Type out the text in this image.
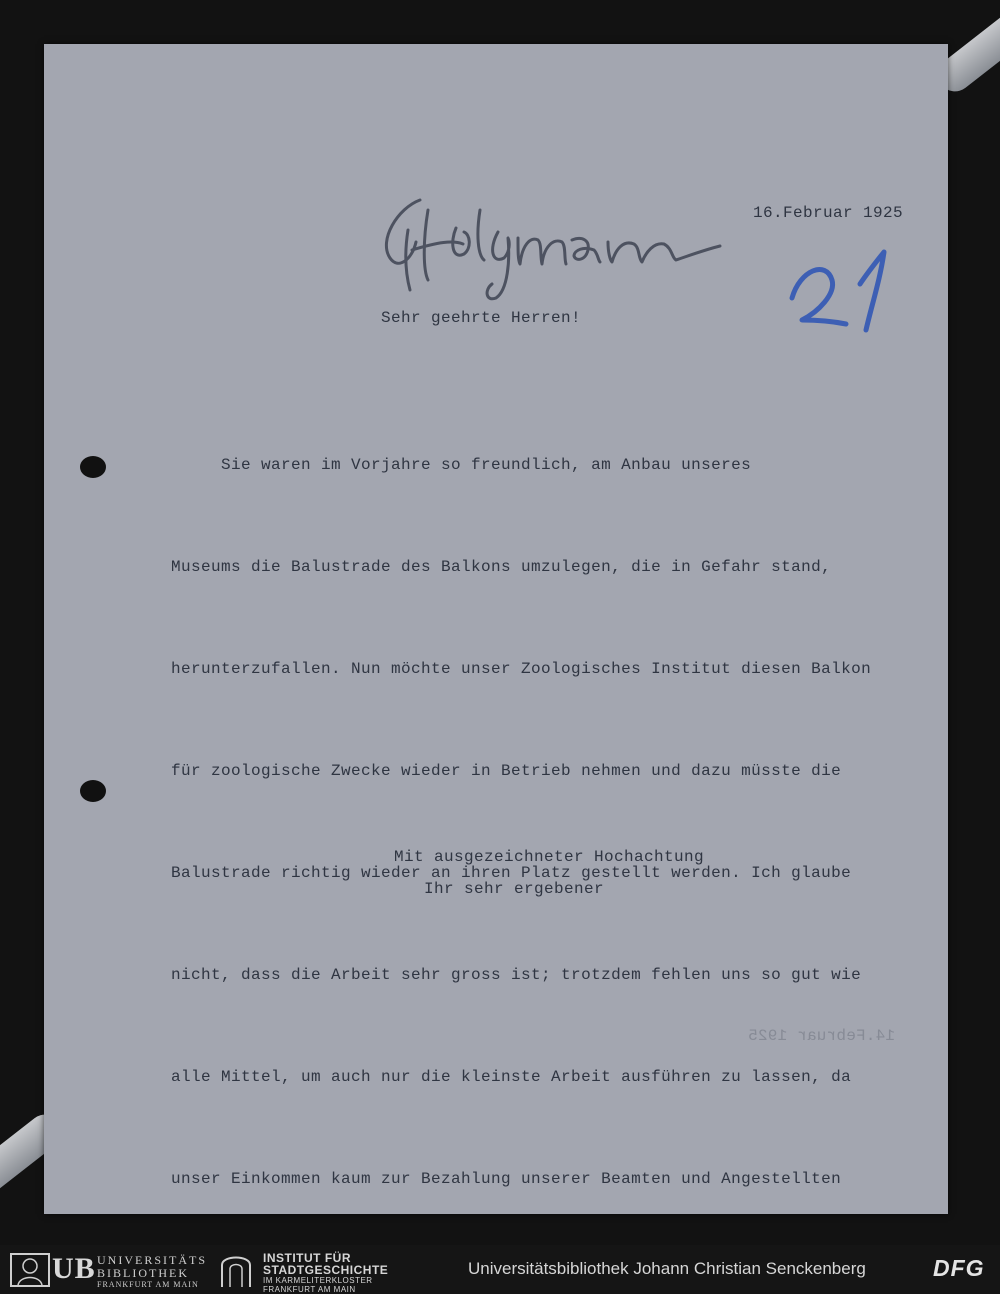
16.Februar 1925

Sehr geehrte Herren!

Sie waren im Vorjahre so freundlich, am Anbau unseres

Museums die Balustrade des Balkons umzulegen, die in Gefahr stand,

herunterzufallen. Nun möchte unser Zoologisches Institut diesen Balkon

für zoologische Zwecke wieder in Betrieb nehmen und dazu müsste die

Balustrade richtig wieder an ihren Platz gestellt werden. Ich glaube

nicht, dass die Arbeit sehr gross ist; trotzdem fehlen uns so gut wie

alle Mittel, um auch nur die kleinste Arbeit ausführen zu lassen, da

unser Einkommen kaum zur Bezahlung unserer Beamten und Angestellten

Mit ausgezeichneter Hochachtung

Ihr sehr ergebener

14.Februar 1925

UB UNIVERSITÄTS
BIBLIOTHEK
FRANKFURT AM MAIN
INSTITUT FÜR
STADTGESCHICHTE
IM KARMELITERKLOSTER
FRANKFURT AM MAIN
Universitätsbibliothek Johann Christian Senckenberg	DFG
